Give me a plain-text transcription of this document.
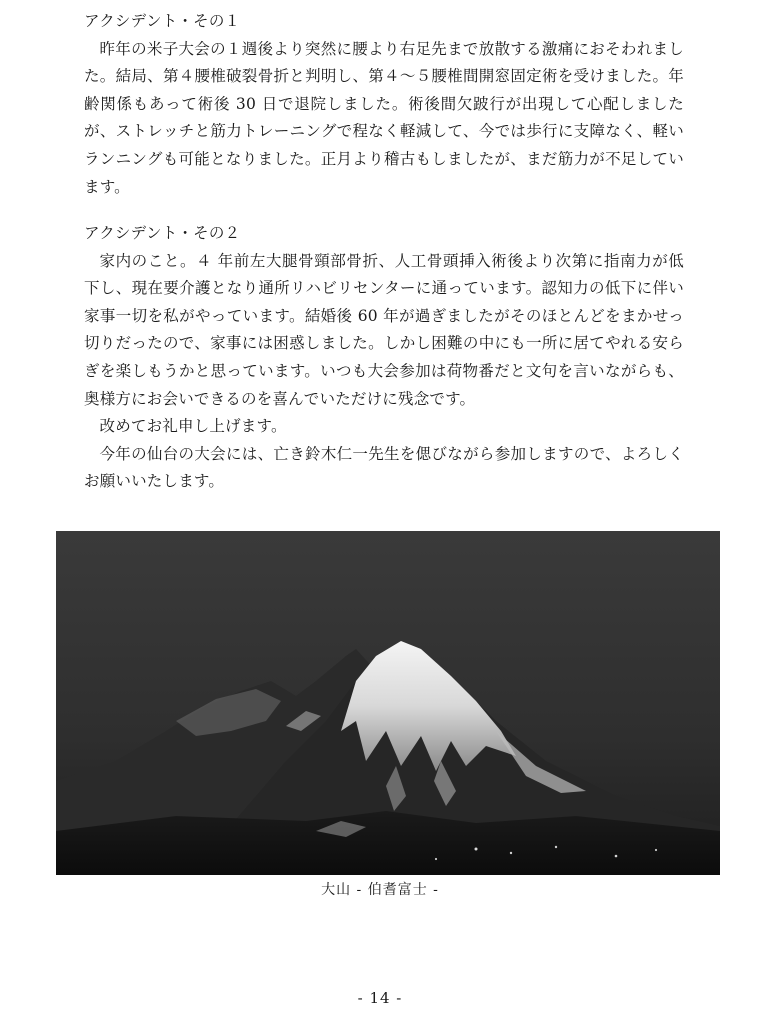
アクシデント・その１

昨年の米子大会の１週後より突然に腰より右足先まで放散する激痛におそわれました。結局、第４腰椎破裂骨折と判明し、第４〜５腰椎間開窓固定術を受けました。年齢関係もあって術後 30 日で退院しました。術後間欠跛行が出現して心配しましたが、ストレッチと筋力トレーニングで程なく軽減して、今では歩行に支障なく、軽いランニングも可能となりました。正月より稽古もしましたが、まだ筋力が不足しています。

アクシデント・その２

家内のこと。４ 年前左大腿骨頸部骨折、人工骨頭挿入術後より次第に指南力が低下し、現在要介護となり通所リハビリセンターに通っています。認知力の低下に伴い家事一切を私がやっています。結婚後 60 年が過ぎましたがそのほとんどをまかせっ切りだったので、家事には困惑しました。しかし困難の中にも一所に居てやれる安らぎを楽しもうかと思っています。いつも大会参加は荷物番だと文句を言いながらも、奥様方にお会いできるのを喜んでいただけに残念です。

改めてお礼申し上げます。

今年の仙台の大会には、亡き鈴木仁一先生を偲びながら参加しますので、よろしくお願いいたします。

大山 - 伯耆富士 -
- 14 -
